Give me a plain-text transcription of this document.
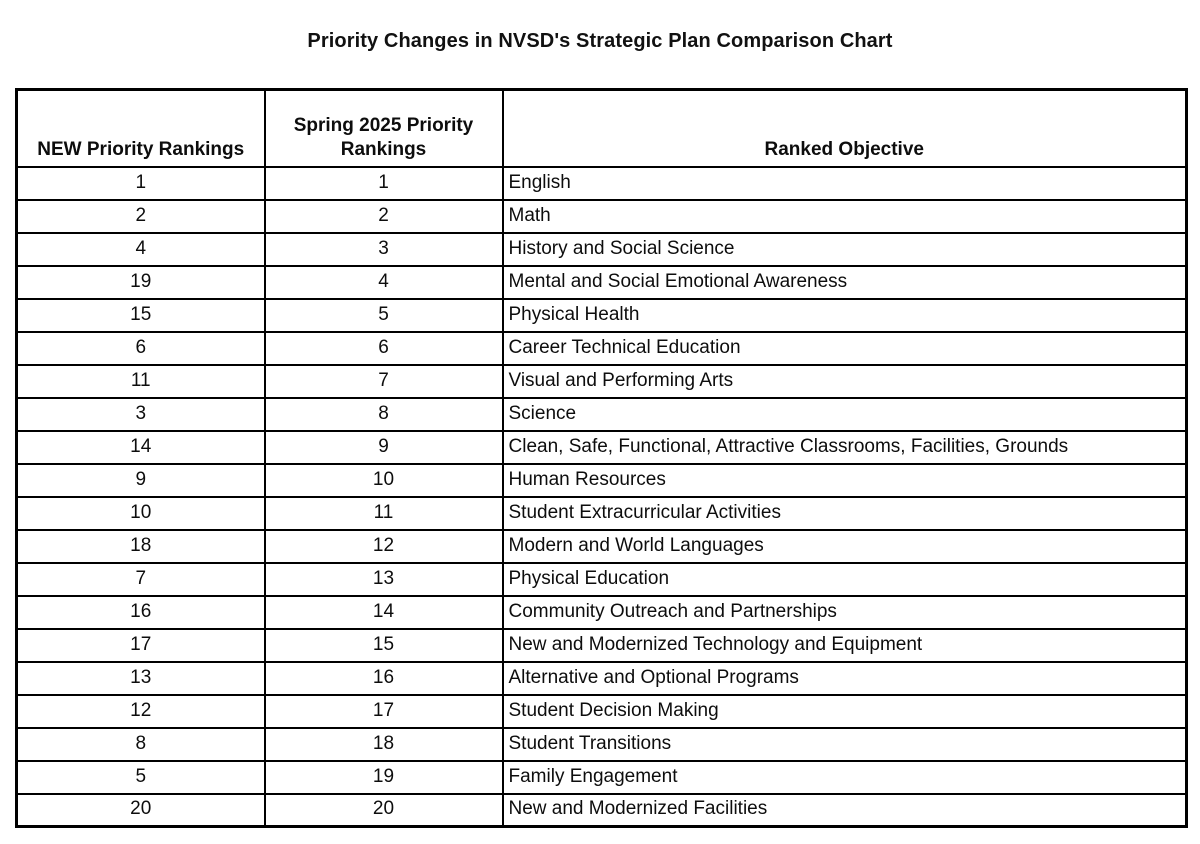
Priority Changes in NVSD's Strategic Plan Comparison Chart
NEW Priority Rankings	Spring 2025 Priority Rankings	Ranked Objective
1	1	English
2	2	Math
4	3	History and Social Science
19	4	Mental and Social Emotional Awareness
15	5	Physical Health
6	6	Career Technical Education
11	7	Visual and Performing Arts
3	8	Science
14	9	Clean, Safe, Functional, Attractive Classrooms, Facilities, Grounds
9	10	Human Resources
10	11	Student Extracurricular Activities
18	12	Modern and World Languages
7	13	Physical Education
16	14	Community Outreach and Partnerships
17	15	New and Modernized Technology and Equipment
13	16	Alternative and Optional Programs
12	17	Student Decision Making
8	18	Student Transitions
5	19	Family Engagement
20	20	New and Modernized Facilities
